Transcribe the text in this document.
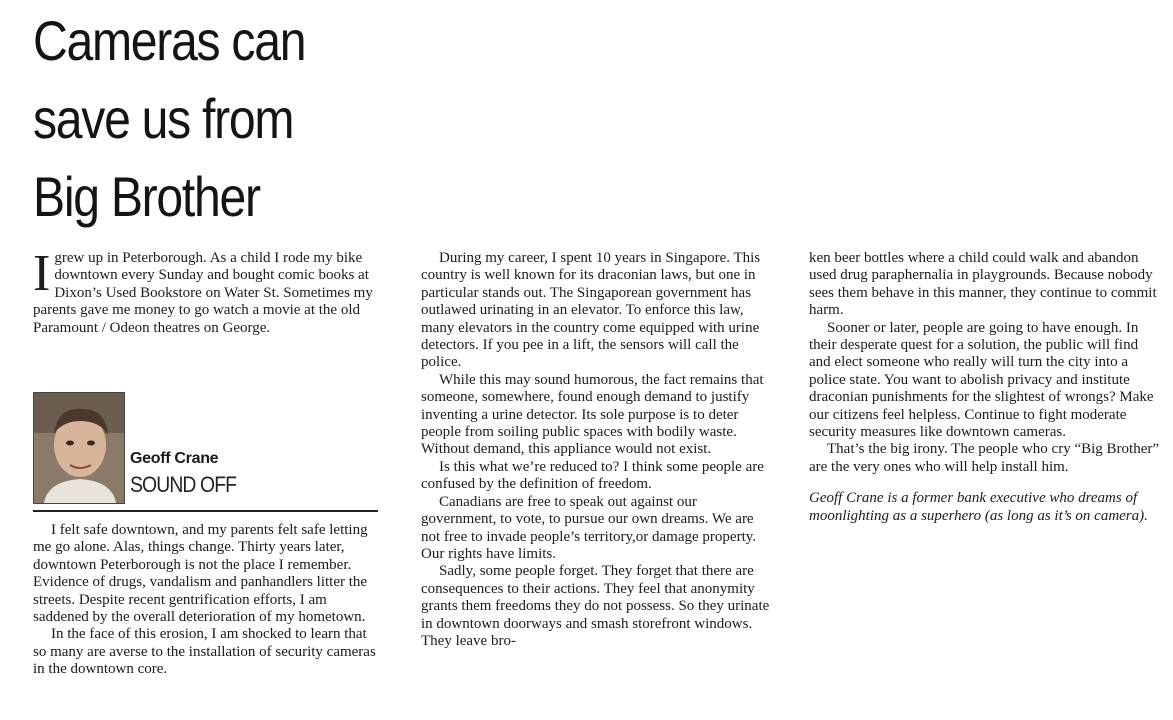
Cameras can
save us from
Big Brother

Igrew up in Peterborough. As a child I rode my bike downtown every Sunday and bought comic books at Dixon’s Used Bookstore on Water St. Sometimes my parents gave me money to go watch a movie at the old Paramount / Odeon theatres on George.

Geoff Crane
SOUND OFF

I felt safe downtown, and my parents felt safe letting me go alone. Alas, things change. Thirty years later, downtown Peterborough is not the place I remember. Evidence of drugs, vandalism and panhandlers litter the streets. Despite recent gentrification efforts, I am saddened by the overall deterioration of my hometown.

In the face of this erosion, I am shocked to learn that so many are averse to the installation of security cameras in the downtown core.

During my career, I spent 10 years in Singapore. This country is well known for its draconian laws, but one in particular stands out. The Singaporean government has outlawed urinating in an elevator. To enforce this law, many elevators in the country come equipped with urine detectors. If you pee in a lift, the sensors will call the police.

While this may sound humorous, the fact remains that someone, somewhere, found enough demand to justify inventing a urine detector. Its sole purpose is to deter people from soiling public spaces with bodily waste. Without demand, this appliance would not exist.

Is this what we’re reduced to? I think some people are confused by the definition of freedom.

Canadians are free to speak out against our government, to vote, to pursue our own dreams. We are not free to invade people’s territory,or damage property. Our rights have limits.

Sadly, some people forget. They forget that there are consequences to their actions. They feel that anonymity grants them freedoms they do not possess. So they urinate in downtown doorways and smash storefront windows. They leave bro-

ken beer bottles where a child could walk and abandon used drug paraphernalia in playgrounds. Because nobody sees them behave in this manner, they continue to commit harm.

Sooner or later, people are going to have enough. In their desperate quest for a solution, the public will find and elect someone who really will turn the city into a police state. You want to abolish privacy and institute draconian punishments for the slightest of wrongs? Make our citizens feel helpless. Continue to fight moderate security measures like downtown cameras.

That’s the big irony. The people who cry “Big Brother” are the very ones who will help install him.

Geoff Crane is a former bank executive who dreams of moonlighting as a superhero (as long as it’s on camera).
